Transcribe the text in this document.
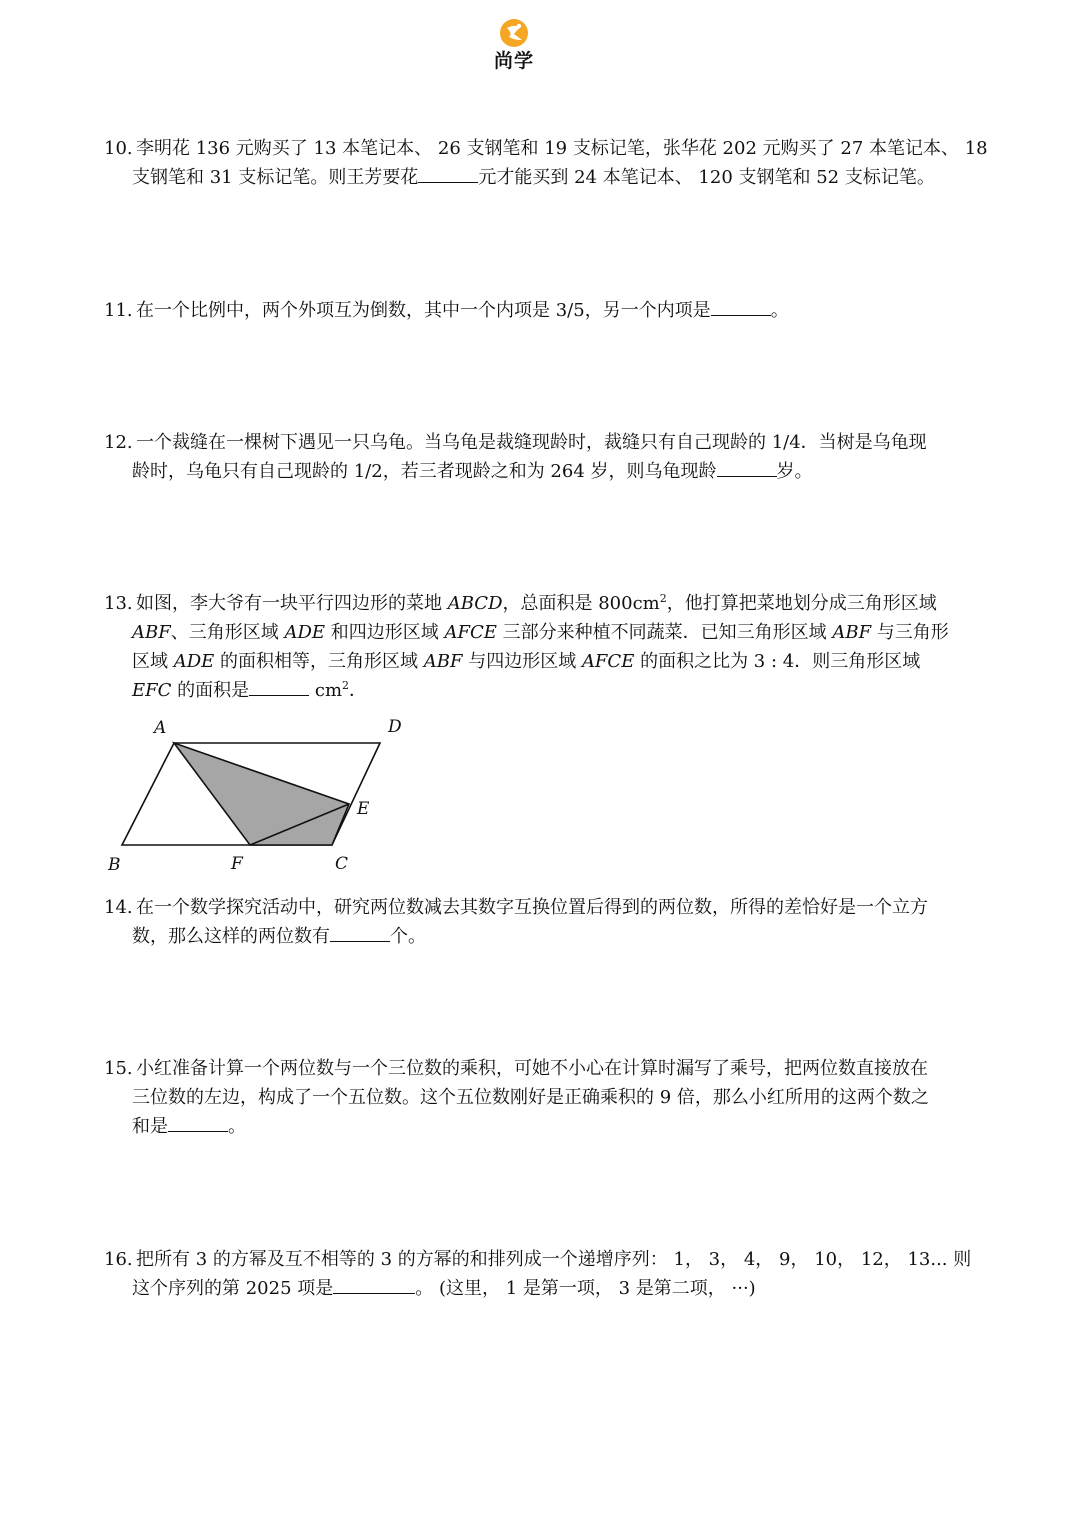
尚学
10. 李明花 136 元购买了 13 本笔记本、 26 支钢笔和 19 支标记笔，张华花 202 元购买了 27 本笔记本、 18
支钢笔和 31 支标记笔。则王芳要花	元才能买到 24 本笔记本、 120 支钢笔和 52 支标记笔。
11. 在一个比例中，两个外项互为倒数，其中一个内项是 3/5，另一个内项是	。
12. 一个裁缝在一棵树下遇见一只乌龟。当乌龟是裁缝现龄时，裁缝只有自己现龄的 1/4．当树是乌龟现
龄时，乌龟只有自己现龄的 1/2，若三者现龄之和为 264 岁，则乌龟现龄	岁。
13. 如图，李大爷有一块平行四边形的菜地 ABCD，总面积是 $800cm^2$，他打算把菜地划分成三角形区域
ABF、三角形区域 ADE 和四边形区域 AFCE 三部分来种植不同蔬菜．已知三角形区域 ABF 与三角形
区域 ADE 的面积相等，三角形区域 ABF 与四边形区域 AFCE 的面积之比为 3 : 4．则三角形区域
EFC 的面积是	$cm^2$．
A	D
E
B	F	C
14. 在一个数学探究活动中，研究两位数减去其数字互换位置后得到的两位数，所得的差恰好是一个立方
数，那么这样的两位数有	个。
15. 小红准备计算一个两位数与一个三位数的乘积，可她不小心在计算时漏写了乘号，把两位数直接放在
三位数的左边，构成了一个五位数。这个五位数刚好是正确乘积的 9 倍，那么小红所用的这两个数之
和是	。
16. 把所有 3 的方幂及互不相等的 3 的方幂的和排列成一个递增序列： 1， 3， 4， 9， 10， 12， 13... 则
这个序列的第 2025 项是	。 (这里， 1 是第一项， 3 是第二项， ···)
